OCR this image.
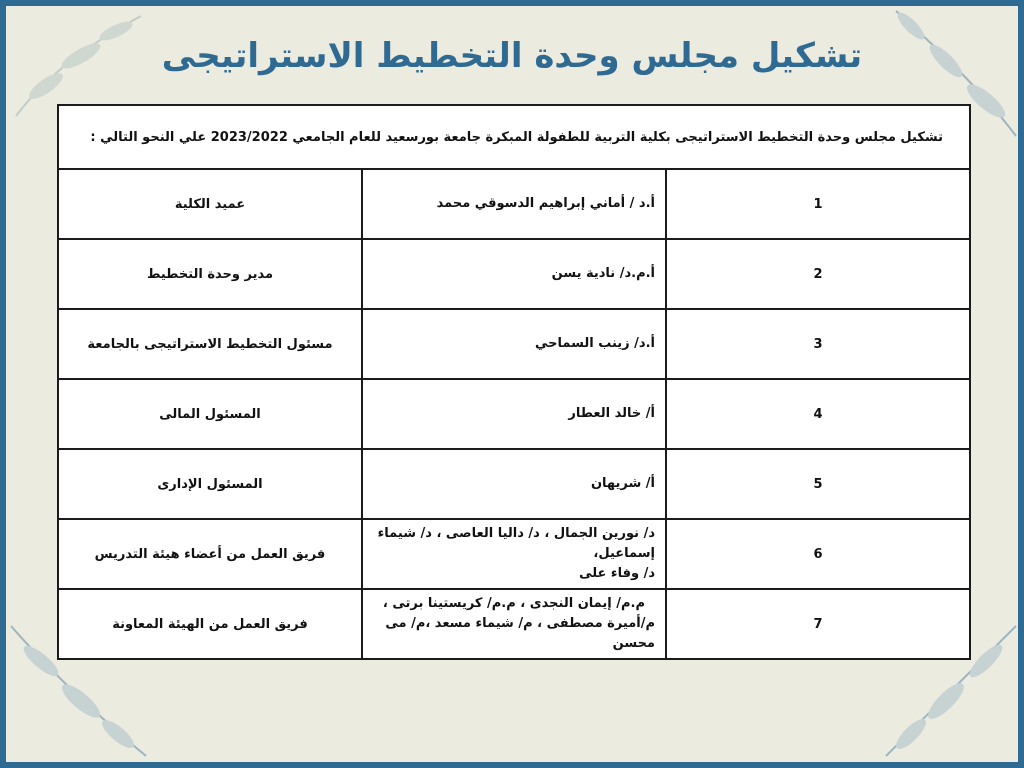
تشكيل مجلس وحدة التخطيط الاستراتيجى
تشكيل مجلس وحدة التخطيط الاستراتيجى بكلية التربية للطفولة المبكرة جامعة بورسعيد للعام الجامعي 2023/2022 علي النحو التالي :		
1	أ.د / أماني إبراهيم الدسوقي محمد	عميد الكلية
2	أ.م.د/ نادية يسن	مدير وحدة التخطيط
3	أ.د/ زينب السماحي	مسئول التخطيط الاستراتيجى بالجامعة
4	أ/ خالد العطار	المسئول المالى
5	أ/ شريهان	المسئول الإدارى
6	د/ نورين الجمال ، د/ داليا العاصى ، د/ شيماء إسماعيل،
د/ وفاء على	فريق العمل من أعضاء هيئة التدريس
7	م.م/ إيمان النجدى ، م.م/ كريستينا برتى ،
م/أميرة مصطفى ، م/ شيماء مسعد ،م/ مى محسن	فريق العمل من الهيئة المعاونة
